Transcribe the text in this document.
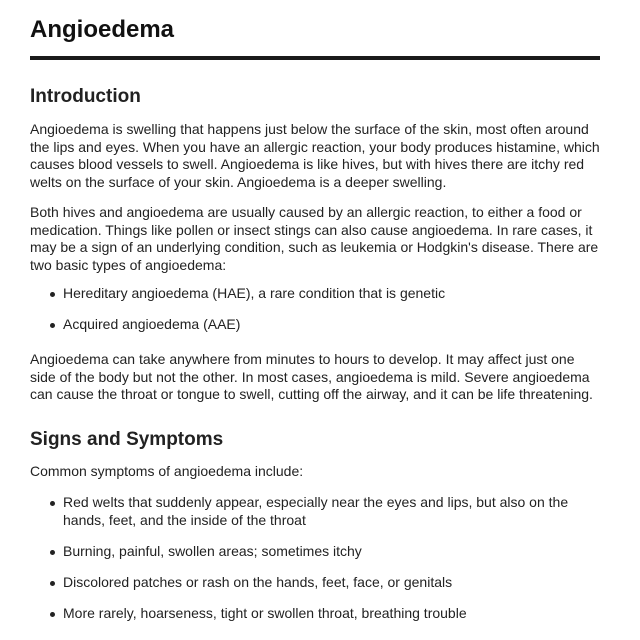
Angioedema
Introduction

Angioedema is swelling that happens just below the surface of the skin, most often around the lips and eyes. When you have an allergic reaction, your body produces histamine, which causes blood vessels to swell. Angioedema is like hives, but with hives there are itchy red welts on the surface of your skin. Angioedema is a deeper swelling.

Both hives and angioedema are usually caused by an allergic reaction, to either a food or medication. Things like pollen or insect stings can also cause angioedema. In rare cases, it may be a sign of an underlying condition, such as leukemia or Hodgkin's disease. There are two basic types of angioedema:

Hereditary angioedema (HAE), a rare condition that is genetic
Acquired angioedema (AAE)

Angioedema can take anywhere from minutes to hours to develop. It may affect just one side of the body but not the other. In most cases, angioedema is mild. Severe angioedema can cause the throat or tongue to swell, cutting off the airway, and it can be life threatening.

Signs and Symptoms

Common symptoms of angioedema include:

Red welts that suddenly appear, especially near the eyes and lips, but also on the hands, feet, and the inside of the throat
Burning, painful, swollen areas; sometimes itchy
Discolored patches or rash on the hands, feet, face, or genitals
More rarely, hoarseness, tight or swollen throat, breathing trouble
